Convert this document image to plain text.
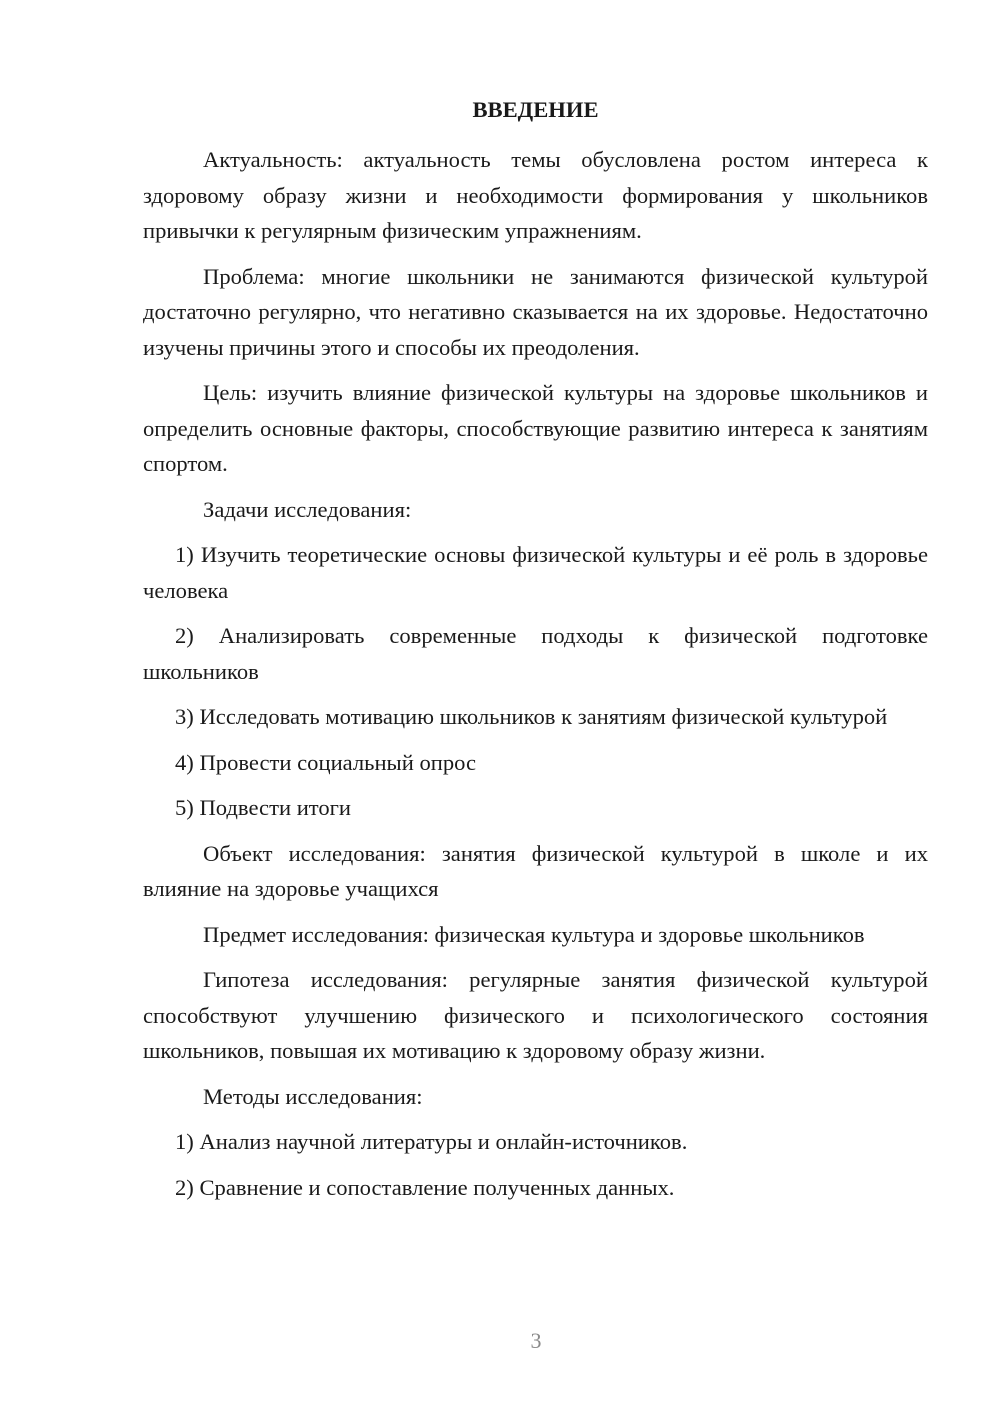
ВВЕДЕНИЕ

Актуальность: актуальность темы обусловлена ростом интереса к здоровому образу жизни и необходимости формирования у школьников привычки к регулярным физическим упражнениям.

Проблема: многие школьники не занимаются физической культурой достаточно регулярно, что негативно сказывается на их здоровье. Недостаточно изучены причины этого и способы их преодоления.

Цель: изучить влияние физической культуры на здоровье школьников и определить основные факторы, способствующие развитию интереса к занятиям спортом.

Задачи исследования:

1) Изучить теоретические основы физической культуры и её роль в здоровье человека

2) Анализировать современные подходы к физической подготовке школьников

3) Исследовать мотивацию школьников к занятиям физической культурой

4) Провести социальный опрос

5) Подвести итоги

Объект исследования: занятия физической культурой в школе и их влияние на здоровье учащихся

Предмет исследования: физическая культура и здоровье школьников

Гипотеза исследования: регулярные занятия физической культурой способствуют улучшению физического и психологического состояния школьников, повышая их мотивацию к здоровому образу жизни.

Методы исследования:

1) Анализ научной литературы и онлайн-источников.

2) Сравнение и сопоставление полученных данных.

3
